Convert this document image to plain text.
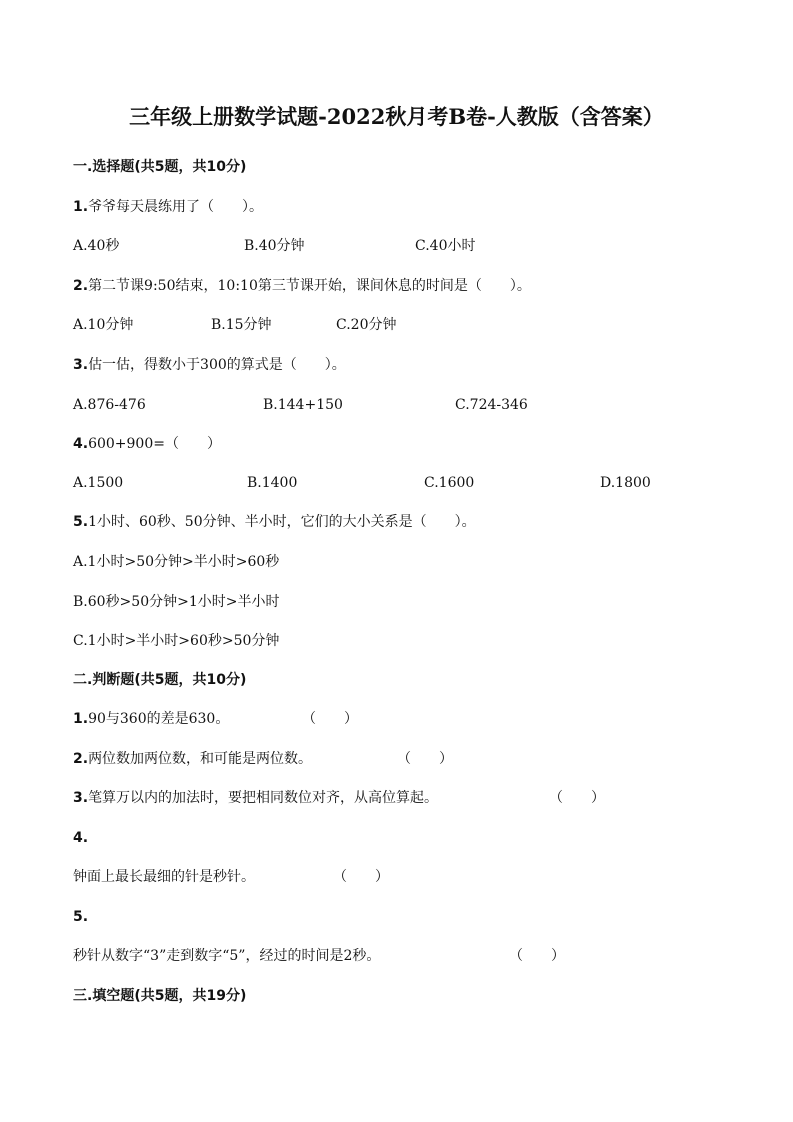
三年级上册数学试题-2022秋月考B卷-人教版（含答案）
一.选择题(共5题，共10分)
1.爷爷每天晨练用了（　　）。
A.40秒	B.40分钟	C.40小时
2.第二节课9:50结束，10:10第三节课开始，课间休息的时间是（　　）。
A.10分钟	B.15分钟	C.20分钟
3.估一估，得数小于300的算式是（　　）。
A.876-476	B.144+150	C.724-346
4.600+900=（　　）
A.1500	B.1400	C.1600	D.1800
5.1小时、60秒、50分钟、半小时，它们的大小关系是（　　）。
A.1小时>50分钟>半小时>60秒
B.60秒>50分钟>1小时>半小时
C.1小时>半小时>60秒>50分钟
二.判断题(共5题，共10分)
1.90与360的差是630。	（　　）
2.两位数加两位数，和可能是两位数。	（　　）
3.笔算万以内的加法时，要把相同数位对齐，从高位算起。	（　　）
4.
钟面上最长最细的针是秒针。	（　　）
5.
秒针从数字“3”走到数字“5”，经过的时间是2秒。	（　　）
三.填空题(共5题，共19分)
